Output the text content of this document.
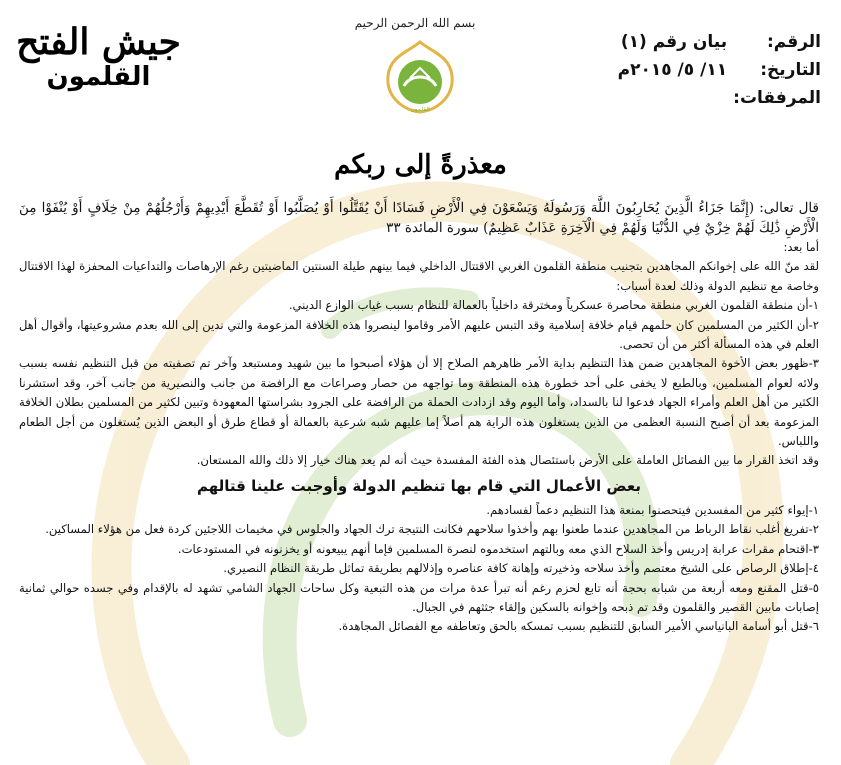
جيش الفتح
القلمون
بسم الله الرحمن الرحيم
القلمون
الرقم: بيان رقم (١)
التاريخ: ١١/ ٥/ ٢٠١٥م
المرفقات:
معذرةً إلى ربكم

قال تعالى: (إِنَّمَا جَزَاءُ الَّذِينَ يُحَارِبُونَ اللَّهَ وَرَسُولَهُ وَيَسْعَوْنَ فِي الْأَرْضِ فَسَادًا أَنْ يُقَتَّلُوا أَوْ يُصَلَّبُوا أَوْ تُقَطَّعَ أَيْدِيهِمْ وَأَرْجُلُهُمْ مِنْ خِلَافٍ أَوْ يُنْفَوْا مِنَ الْأَرْضِ ذَٰلِكَ لَهُمْ خِزْيٌ فِي الدُّنْيَا وَلَهُمْ فِي الْآخِرَةِ عَذَابٌ عَظِيمٌ) سورة المائدة ٣٣

أما بعد:

لقد منّ الله على إخوانكم المجاهدين بتجنيب منطقة القلمون الغربي الاقتتال الداخلي فيما بينهم طيلة السنتين الماضيتين رغم الإرهاصات والتداعيات المحفزة لهذا الاقتتال وخاصة مع تنظيم الدولة وذلك لعدة أسباب:

١-أن منطقة القلمون الغربي منطقة محاصرة عسكرياً ومخترقة داخلياً بالعمالة للنظام بسبب غياب الوازع الديني.

٢-أن الكثير من المسلمين كان حلمهم قيام خلافة إسلامية وقد التبس عليهم الأمر وقاموا لينصروا هذه الخلافة المزعومة والتي ندين إلى الله بعدم مشروعيتها، وأقوال أهل العلم في هذه المسألة أكثر من أن تحصى.

٣-ظهور بعض الأخوة المجاهدين ضمن هذا التنظيم بداية الأمر ظاهرهم الصلاح إلا أن هؤلاء أصبحوا ما بين شهيد ومستبعد وآخر تم تصفيته من قبل التنظيم نفسه بسبب ولائه لعوام المسلمين، وبالطبع لا يخفى على أحد خطورة هذه المنطقة وما تواجهه من حصار وصراعات مع الرافضة من جانب والنصيرية من جانب آخر، وقد استشرنا الكثير من أهل العلم وأمراء الجهاد فدعوا لنا بالسداد، وأما اليوم وقد ازدادت الحملة من الرافضة على الجرود بشراستها المعهودة وتبين لكثير من المسلمين بطلان الخلافة المزعومة بعد أن أصبح النسبة العظمى من الذين يستغلون هذه الراية هم أصلاً إما عليهم شبه شرعية بالعمالة أو قطاع طرق أو البعض الذين يُستغلون من أجل الطعام واللباس.

وقد اتخذ القرار ما بين الفصائل العاملة على الأرض باستئصال هذه الفئة المفسدة حيث أنه لم يعد هناك خيار إلا ذلك والله المستعان.

بعض الأعمال التي قام بها تنظيم الدولة وأوجبت علينا قتالهم

١-إيواء كثير من المفسدين فيتحصنوا بمنعة هذا التنظيم دعماً لفسادهم.

٢-تفريغ أغلب نقاط الرباط من المجاهدين عندما طعنوا بهم وأخذوا سلاحهم فكانت النتيجة ترك الجهاد والجلوس في مخيمات اللاجئين كردة فعل من هؤلاء المساكين.

٣-اقتحام مقرات عرابة إدريس وأخذ السلاح الذي معه وبالتهم استخدموه لنصرة المسلمين فإما أنهم يبيعونه أو يخزنونه في المستودعات.

٤-إطلاق الرصاص على الشيخ معتصم وأخذ سلاحه وذخيرته وإهانة كافة عناصره وإذلالهم بطريقة تماثل طريقة النظام النصيري.

٥-قتل المقنع ومعه أربعة من شبابه بحجة أنه تابع لحزم رغم أنه تبرأ عدة مرات من هذه التبعية وكل ساحات الجهاد الشامي تشهد له بالإقدام وفي جسده حوالي ثمانية إصابات مابين القصير والقلمون وقد تم ذبحه وإخوانه بالسكين وإلقاء جثثهم في الجبال.

٦-قتل أبو أسامة البانياسي الأمير السابق للتنظيم بسبب تمسكه بالحق وتعاطفه مع الفصائل المجاهدة.
